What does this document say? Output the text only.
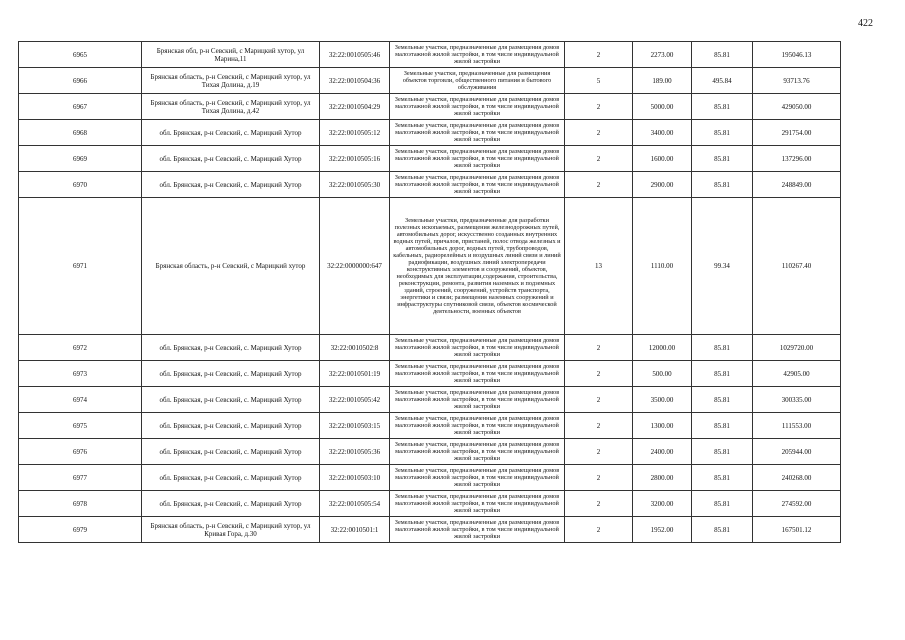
422
6965	Брянская обл, р-н Севский, с Марицкий хутор, ул Марина,11	32:22:0010505:46	Земельные участки, предназначенные для размещения домов малоэтажной жилой застройки, в том числе индивидуальной жилой застройки	2	2273.00	85.81	195046.13
6966	Брянская область, р-н Севский, с Марицкий хутор, ул Тихая Долина, д.19	32:22:0010504:36	Земельные участки, предназначенные для размещения объектов торговли, общественного питания и бытового обслуживания	5	189.00	495.84	93713.76
6967	Брянская область, р-н Севский, с Марицкий хутор, ул Тихая Долина, д.42	32:22:0010504:29	Земельные участки, предназначенные для размещения домов малоэтажной жилой застройки, в том числе индивидуальной жилой застройки	2	5000.00	85.81	429050.00
6968	обл. Брянская, р-н Севский, с. Марицкий Хутор	32:22:0010505:12	Земельные участки, предназначенные для размещения домов малоэтажной жилой застройки, в том числе индивидуальной жилой застройки	2	3400.00	85.81	291754.00
6969	обл. Брянская, р-н Севский, с. Марицкий Хутор	32:22:0010505:16	Земельные участки, предназначенные для размещения домов малоэтажной жилой застройки, в том числе индивидуальной жилой застройки	2	1600.00	85.81	137296.00
6970	обл. Брянская, р-н Севский, с. Марицкий Хутор	32:22:0010505:30	Земельные участки, предназначенные для размещения домов малоэтажной жилой застройки, в том числе индивидуальной жилой застройки	2	2900.00	85.81	248849.00
6971	Брянская область, р-н Севский, с Марицкий хутор	32:22:0000000:647	Земельные участки, предназначенные для разработки полезных ископаемых, размещения железнодорожных путей, автомобильных дорог, искусственно созданных внутренних водных путей, причалов, пристаней, полос отвода железных и автомобильных дорог, водных путей, трубопроводов, кабельных, радиорелейных и воздушных линий связи и линий радиофикации, воздушных линий электропередачи конструктивных элементов и сооружений, объектов, необходимых для эксплуатации,содержания, строительства, реконструкции, ремонта, развития наземных и подземных зданий, строений, сооружений, устройств транспорта, энергетики и связи; размещения наземных сооружений и инфраструктуры спутниковой связи, объектов космической деятельности, военных объектов	13	1110.00	99.34	110267.40
6972	обл. Брянская, р-н Севский, с. Марицкий Хутор	32:22:0010502:8	Земельные участки, предназначенные для размещения домов малоэтажной жилой застройки, в том числе индивидуальной жилой застройки	2	12000.00	85.81	1029720.00
6973	обл. Брянская, р-н Севский, с. Марицкий Хутор	32:22:0010501:19	Земельные участки, предназначенные для размещения домов малоэтажной жилой застройки, в том числе индивидуальной жилой застройки	2	500.00	85.81	42905.00
6974	обл. Брянская, р-н Севский, с. Марицкий Хутор	32:22:0010505:42	Земельные участки, предназначенные для размещения домов малоэтажной жилой застройки, в том числе индивидуальной жилой застройки	2	3500.00	85.81	300335.00
6975	обл. Брянская, р-н Севский, с. Марицкий Хутор	32:22:0010503:15	Земельные участки, предназначенные для размещения домов малоэтажной жилой застройки, в том числе индивидуальной жилой застройки	2	1300.00	85.81	111553.00
6976	обл. Брянская, р-н Севский, с. Марицкий Хутор	32:22:0010505:36	Земельные участки, предназначенные для размещения домов малоэтажной жилой застройки, в том числе индивидуальной жилой застройки	2	2400.00	85.81	205944.00
6977	обл. Брянская, р-н Севский, с. Марицкий Хутор	32:22:0010503:10	Земельные участки, предназначенные для размещения домов малоэтажной жилой застройки, в том числе индивидуальной жилой застройки	2	2800.00	85.81	240268.00
6978	обл. Брянская, р-н Севский, с. Марицкий Хутор	32:22:0010505:54	Земельные участки, предназначенные для размещения домов малоэтажной жилой застройки, в том числе индивидуальной жилой застройки	2	3200.00	85.81	274592.00
6979	Брянская область, р-н Севский, с Марицкий хутор, ул Кривая Гора, д.30	32:22:0010501:1	Земельные участки, предназначенные для размещения домов малоэтажной жилой застройки, в том числе индивидуальной жилой застройки	2	1952.00	85.81	167501.12
